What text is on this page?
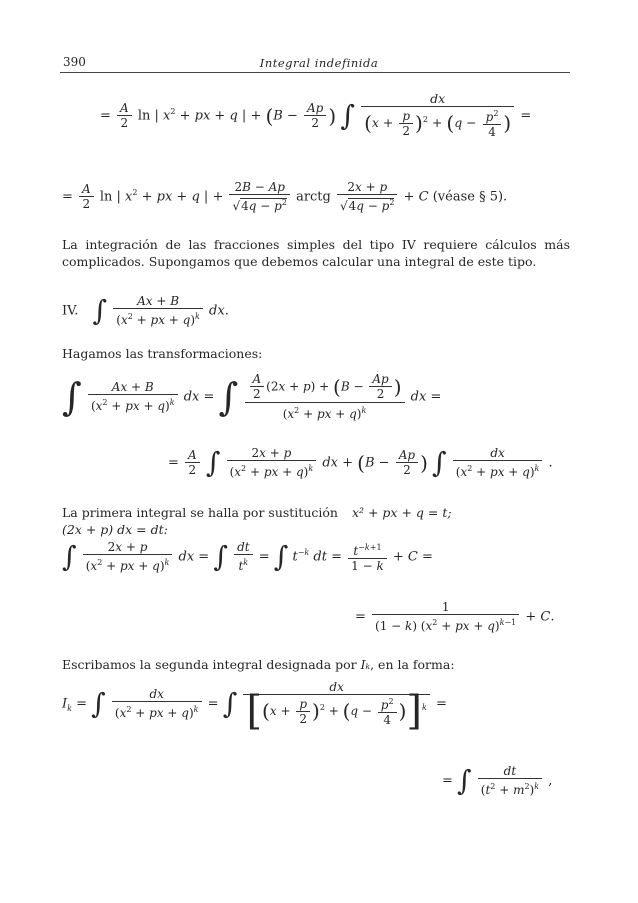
390	Integral indefinida
= $\frac{A}{2}$ ln | $x^2$ + px + q | + ($B - \frac{Ap}{2}$ ) ∫ $\frac{dx}{(x + \frac{p}{2} )^2 + (q - \frac{p^2}{4} )}$ =
= $\frac{A}{2}$ ln | $x^2$ + px + q | + $\frac{2B - Ap}{√4q - p^2}$ arctg $\frac{2x + p}{√4q - p^2} + C$ (véase § 5).
La integración de las fracciones simples del tipo IV requiere cálculos más complicados. Supongamos que debemos calcular una integral de este tipo.
IV. ∫ $\frac{Ax + B}{(x^2 + px + q)^k}$ dx.
Hagamos las transformaciones:
∫ $\frac{Ax + B}{(x^2 + px + q)^k}$ dx = ∫ $\frac{\frac{A}{2} (2x + p) + (B - \frac{Ap}{2} )}{(x^2 + px + q)^k}$ dx =
= $\frac{A}{2}$ ∫ $\frac{2x + p}{(x^2 + px + q)^k}$ dx + ($B - \frac{Ap}{2}$ ) ∫ $\frac{dx}{(x^2 + px + q)^k}$ .
La primera integral se halla por sustitución x² + px + q = t;
(2x + p) dx = dt:
∫ $\frac{2x + p}{(x^2 + px + q)^k}$ dx = ∫ $\frac{dt}{t^k}$ = ∫ $t^{-k}$ dt = $\frac{t^{-k+1}}{1 - k} + C$ =
= $\frac{1}{(1 - k) (x^2 + px + q)^{k-1}} + C$.
Escribamos la segunda integral designada por Iₖ, en la forma:
$I_k$ = ∫ $\frac{dx}{(x^2 + px + q)^k}$ = ∫ $\frac{dx}{[(x + \frac{p}{2} )^2 + (q - \frac{p^2}{4} )]^k}$ =
= ∫ $\frac{dt}{(t^2 + m^2)^k}$ ,
